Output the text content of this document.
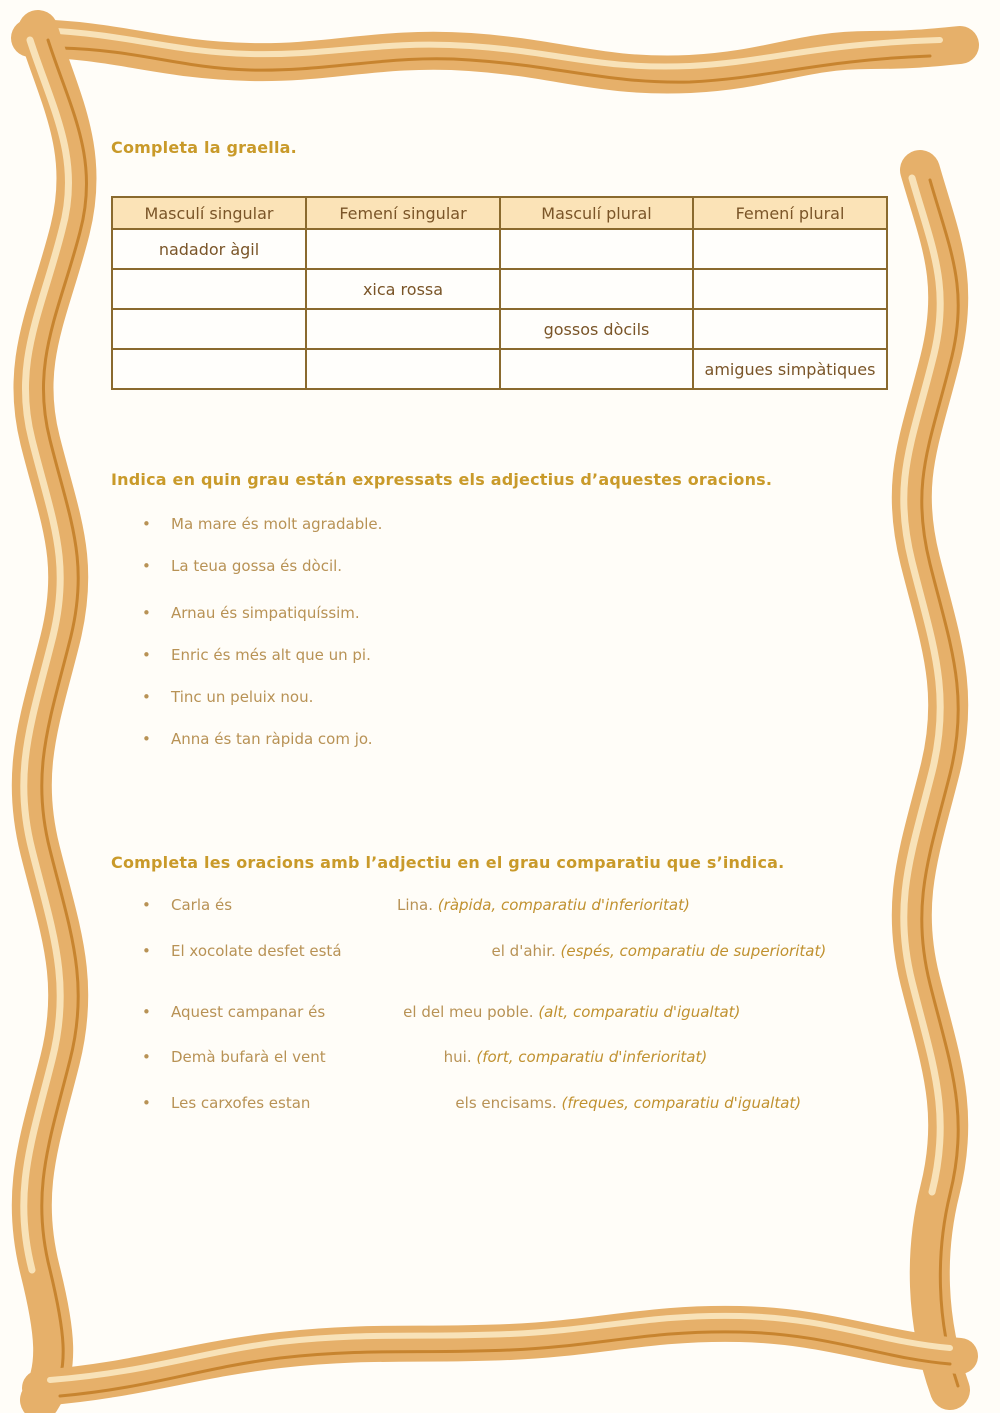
Completa la graella.

Masculí singular	Femení singular	Masculí plural	Femení plural
nadador àgil			
	xica rossa		
		gossos dòcils	
			amigues simpàtiques

Indica en quin grau están expressats els adjectius d’aquestes oracions.

• Ma mare és molt agradable.
• La teua gossa és dòcil.
• Arnau és simpatiquíssim.
• Enric és més alt que un pi.
• Tinc un peluix nou.
• Anna és tan ràpida com jo.

Completa les oracions amb l’adjectiu en el grau comparatiu que s’indica.

• Carla és	Lina. (ràpida, comparatiu d'inferioritat)
• El xocolate desfet está	el d'ahir. (espés, comparatiu de superioritat)
• Aquest campanar és	el del meu poble. (alt, comparatiu d'igualtat)
• Demà bufarà el vent	hui. (fort, comparatiu d'inferioritat)
• Les carxofes estan	els encisams. (freques, comparatiu d'igualtat)
